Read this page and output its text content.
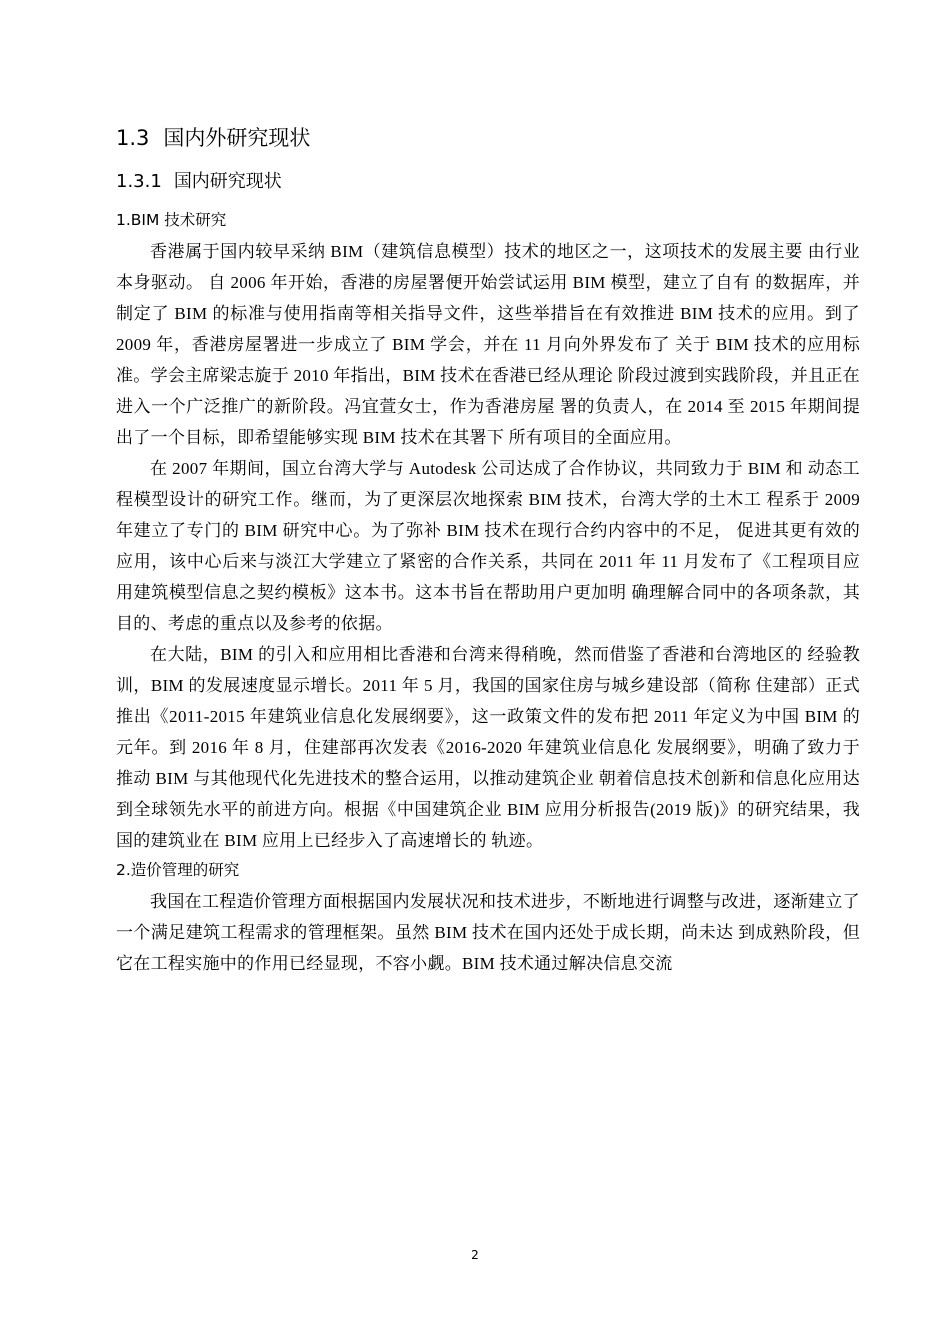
1.3 国内外研究现状
1.3.1 国内研究现状
1.BIM 技术研究

香港属于国内较早采纳 BIM（建筑信息模型）技术的地区之一，这项技术的发展主要 由行业本身驱动。 自 2006 年开始，香港的房屋署便开始尝试运用 BIM 模型，建立了自有 的数据库，并制定了 BIM 的标准与使用指南等相关指导文件，这些举措旨在有效推进 BIM 技术的应用。到了 2009 年，香港房屋署进一步成立了 BIM 学会，并在 11 月向外界发布了 关于 BIM 技术的应用标准。学会主席梁志旋于 2010 年指出，BIM 技术在香港已经从理论 阶段过渡到实践阶段，并且正在进入一个广泛推广的新阶段。冯宜萱女士，作为香港房屋 署的负责人，在 2014 至 2015 年期间提出了一个目标，即希望能够实现 BIM 技术在其署下 所有项目的全面应用。

在 2007 年期间，国立台湾大学与 Autodesk 公司达成了合作协议，共同致力于 BIM 和 动态工程模型设计的研究工作。继而，为了更深层次地探索 BIM 技术，台湾大学的土木工 程系于 2009 年建立了专门的 BIM 研究中心。为了弥补 BIM 技术在现行合约内容中的不足， 促进其更有效的应用，该中心后来与淡江大学建立了紧密的合作关系，共同在 2011 年 11 月发布了《工程项目应用建筑模型信息之契约模板》这本书。这本书旨在帮助用户更加明 确理解合同中的各项条款，其目的、考虑的重点以及参考的依据。

在大陆，BIM 的引入和应用相比香港和台湾来得稍晚，然而借鉴了香港和台湾地区的 经验教训，BIM 的发展速度显示增长。2011 年 5 月，我国的国家住房与城乡建设部（简称 住建部）正式推出《2011-2015 年建筑业信息化发展纲要》，这一政策文件的发布把 2011 年定义为中国 BIM 的元年。到 2016 年 8 月，住建部再次发表《2016-2020 年建筑业信息化 发展纲要》，明确了致力于推动 BIM 与其他现代化先进技术的整合运用，以推动建筑企业 朝着信息技术创新和信息化应用达到全球领先水平的前进方向。根据《中国建筑企业 BIM 应用分析报告(2019 版)》的研究结果，我国的建筑业在 BIM 应用上已经步入了高速增长的 轨迹。

2.造价管理的研究

我国在工程造价管理方面根据国内发展状况和技术进步，不断地进行调整与改进，逐渐建立了一个满足建筑工程需求的管理框架。虽然 BIM 技术在国内还处于成长期，尚未达 到成熟阶段，但它在工程实施中的作用已经显现，不容小觑。BIM 技术通过解决信息交流

2
